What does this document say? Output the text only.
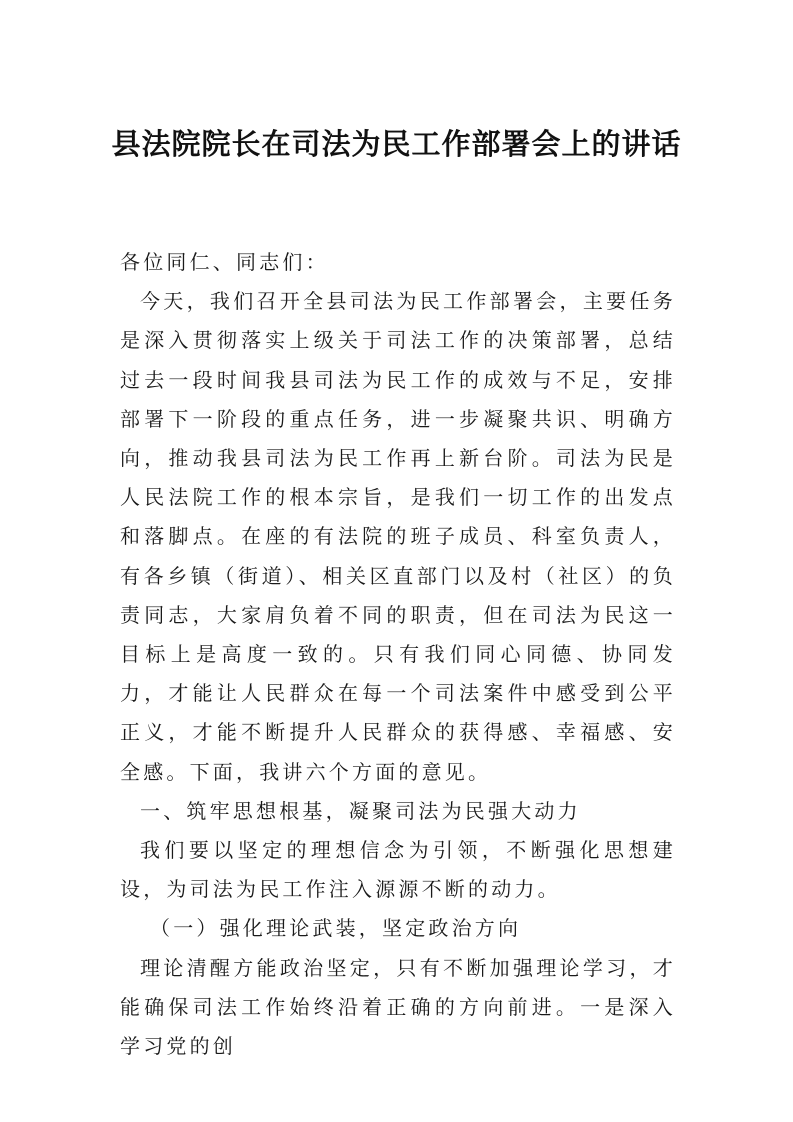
县法院院长在司法为民工作部署会上的讲话

各位同仁、同志们：

今天，我们召开全县司法为民工作部署会，主要任务是深入贯彻落实上级关于司法工作的决策部署，总结过去一段时间我县司法为民工作的成效与不足，安排部署下一阶段的重点任务，进一步凝聚共识、明确方向，推动我县司法为民工作再上新台阶。司法为民是人民法院工作的根本宗旨，是我们一切工作的出发点和落脚点。在座的有法院的班子成员、科室负责人，有各乡镇（街道）、相关区直部门以及村（社区）的负责同志，大家肩负着不同的职责，但在司法为民这一目标上是高度一致的。只有我们同心同德、协同发力，才能让人民群众在每一个司法案件中感受到公平正义，才能不断提升人民群众的获得感、幸福感、安全感。下面，我讲六个方面的意见。

一、筑牢思想根基，凝聚司法为民强大动力

我们要以坚定的理想信念为引领，不断强化思想建设，为司法为民工作注入源源不断的动力。

（一）强化理论武装，坚定政治方向

理论清醒方能政治坚定，只有不断加强理论学习，才能确保司法工作始终沿着正确的方向前进。一是深入学习党的创
